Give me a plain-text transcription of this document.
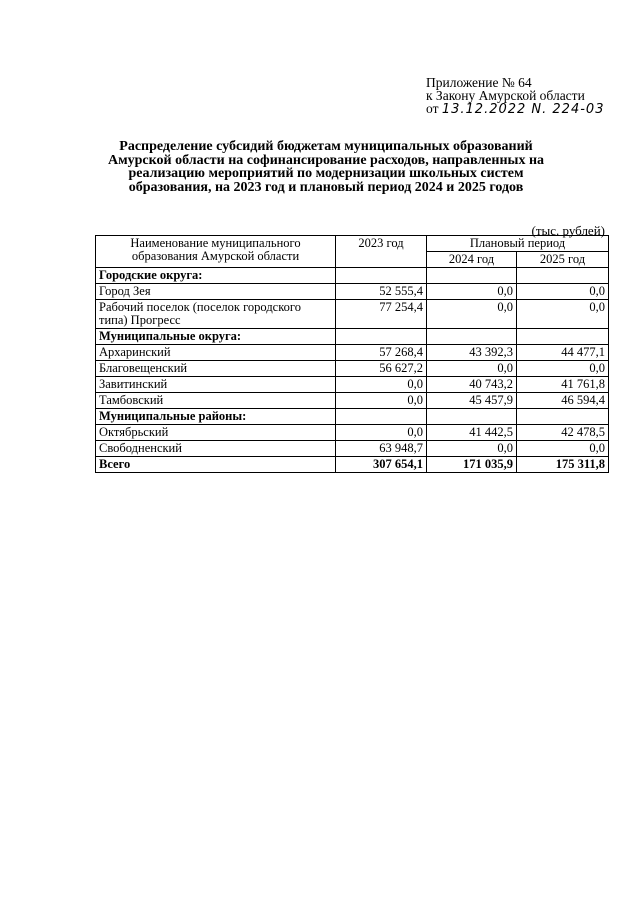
Приложение № 64
к Закону Амурской области
от 13.12.2022 N. 224-03
Распределение субсидий бюджетам муниципальных образований Амурской области на софинансирование расходов, направленных на реализацию мероприятий по модернизации школьных систем образования, на 2023 год и плановый период 2024 и 2025 годов
(тыс. рублей)
Наименование муниципального образования Амурской области	2023 год	Плановый период	
		2024 год	2025 год
Городские округа:			
Город Зея	52 555,4	0,0	0,0
Рабочий поселок (поселок городского типа) Прогресс	77 254,4	0,0	0,0
Муниципальные округа:			
Архаринский	57 268,4	43 392,3	44 477,1
Благовещенский	56 627,2	0,0	0,0
Завитинский	0,0	40 743,2	41 761,8
Тамбовский	0,0	45 457,9	46 594,4
Муниципальные районы:			
Октябрьский	0,0	41 442,5	42 478,5
Свободненский	63 948,7	0,0	0,0
Всего	307 654,1	171 035,9	175 311,8
